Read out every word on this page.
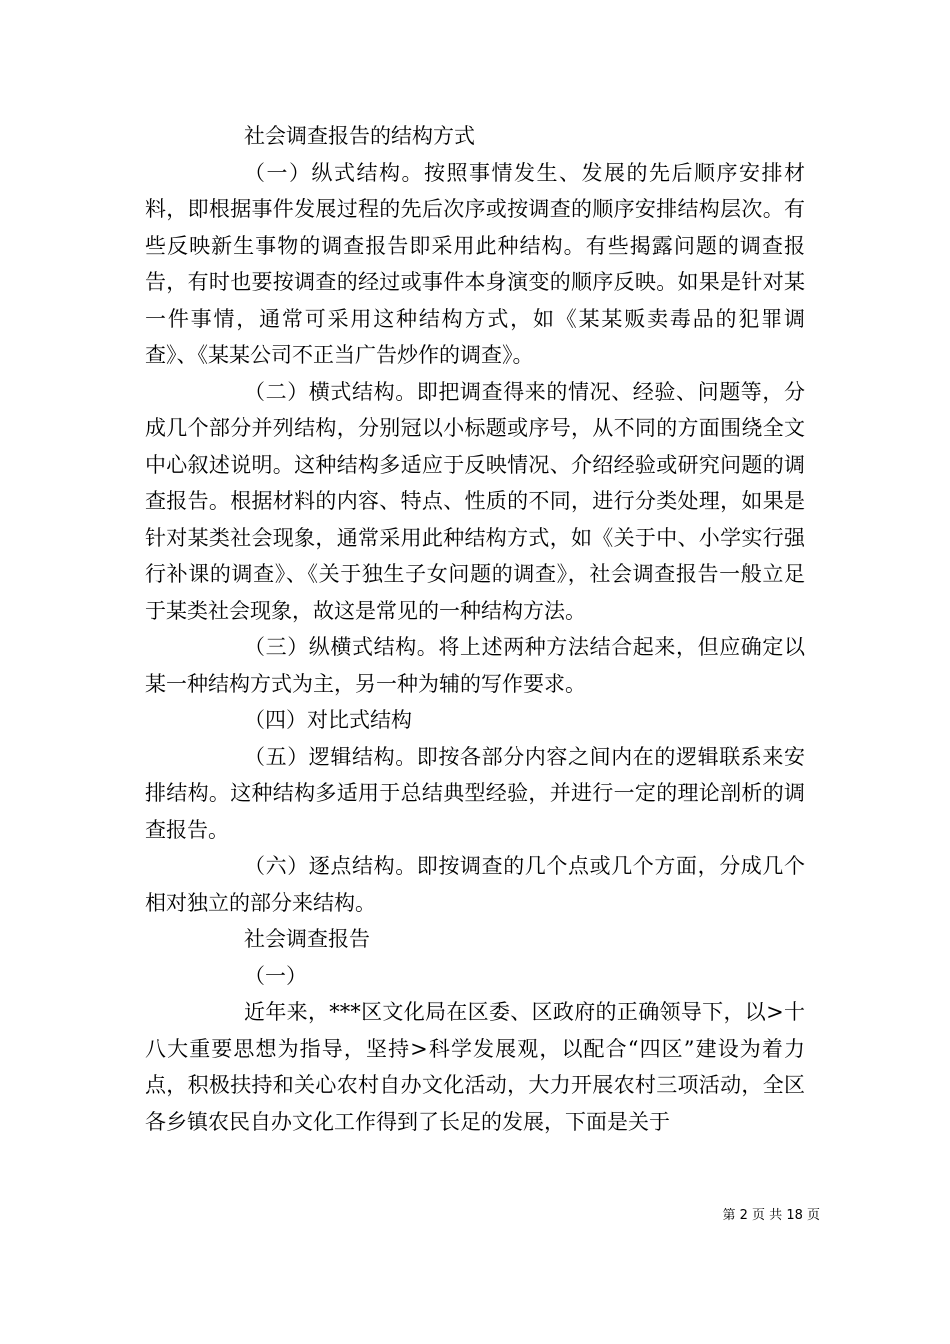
社会调查报告的结构方式

（一）纵式结构。按照事情发生、发展的先后顺序安排材料，即根据事件发展过程的先后次序或按调查的顺序安排结构层次。有些反映新生事物的调查报告即采用此种结构。有些揭露问题的调查报告，有时也要按调查的经过或事件本身演变的顺序反映。如果是针对某一件事情，通常可采用这种结构方式，如《某某贩卖毒品的犯罪调查》、《某某公司不正当广告炒作的调查》。

（二）横式结构。即把调查得来的情况、经验、问题等，分成几个部分并列结构，分别冠以小标题或序号，从不同的方面围绕全文中心叙述说明。这种结构多适应于反映情况、介绍经验或研究问题的调查报告。根据材料的内容、特点、性质的不同，进行分类处理，如果是针对某类社会现象，通常采用此种结构方式，如《关于中、小学实行强行补课的调查》、《关于独生子女问题的调查》，社会调查报告一般立足于某类社会现象，故这是常见的一种结构方法。

（三）纵横式结构。将上述两种方法结合起来，但应确定以某一种结构方式为主，另一种为辅的写作要求。

（四）对比式结构

（五）逻辑结构。即按各部分内容之间内在的逻辑联系来安排结构。这种结构多适用于总结典型经验，并进行一定的理论剖析的调查报告。

（六）逐点结构。即按调查的几个点或几个方面，分成几个相对独立的部分来结构。

社会调查报告

（一）

近年来，***区文化局在区委、区政府的正确领导下，以>十八大重要思想为指导，坚持>科学发展观，以配合“四区”建设为着力点，积极扶持和关心农村自办文化活动，大力开展农村三项活动，全区各乡镇农民自办文化工作得到了长足的发展，下面是关于

第 2 页 共 18 页
